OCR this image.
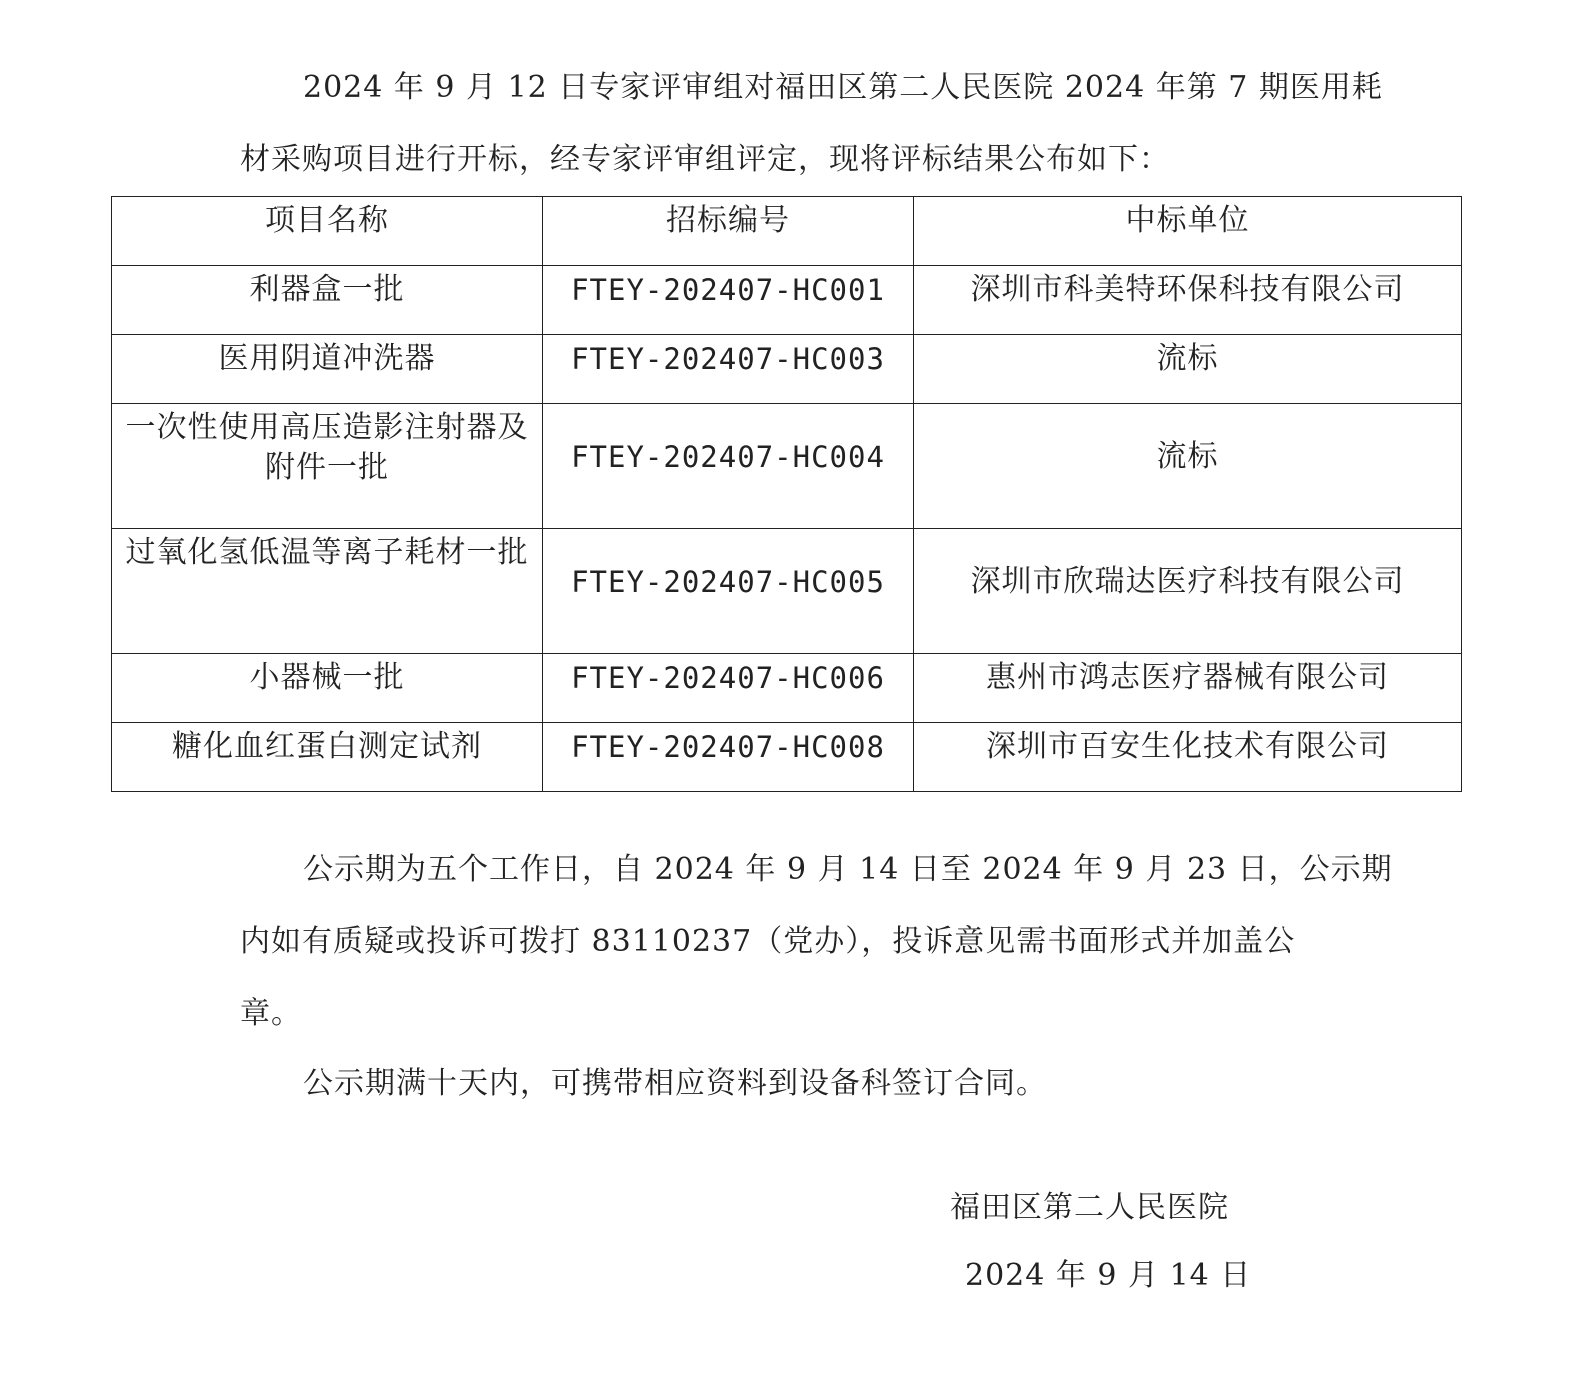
2024 年 9 月 12 日专家评审组对福田区第二人民医院 2024 年第 7 期医用耗
材采购项目进行开标，经专家评审组评定，现将评标结果公布如下：
项目名称	招标编号	中标单位
利器盒一批	FTEY-202407-HC001	深圳市科美特环保科技有限公司
医用阴道冲洗器	FTEY-202407-HC003	流标
一次性使用高压造影注射器及附件一批	FTEY-202407-HC004	流标
过氧化氢低温等离子耗材一批	FTEY-202407-HC005	深圳市欣瑞达医疗科技有限公司
小器械一批	FTEY-202407-HC006	惠州市鸿志医疗器械有限公司
糖化血红蛋白测定试剂	FTEY-202407-HC008	深圳市百安生化技术有限公司
公示期为五个工作日，自 2024 年 9 月 14 日至 2024 年 9 月 23 日，公示期
内如有质疑或投诉可拨打 83110237（党办），投诉意见需书面形式并加盖公
章。
公示期满十天内，可携带相应资料到设备科签订合同。
福田区第二人民医院
2024 年 9 月 14 日
